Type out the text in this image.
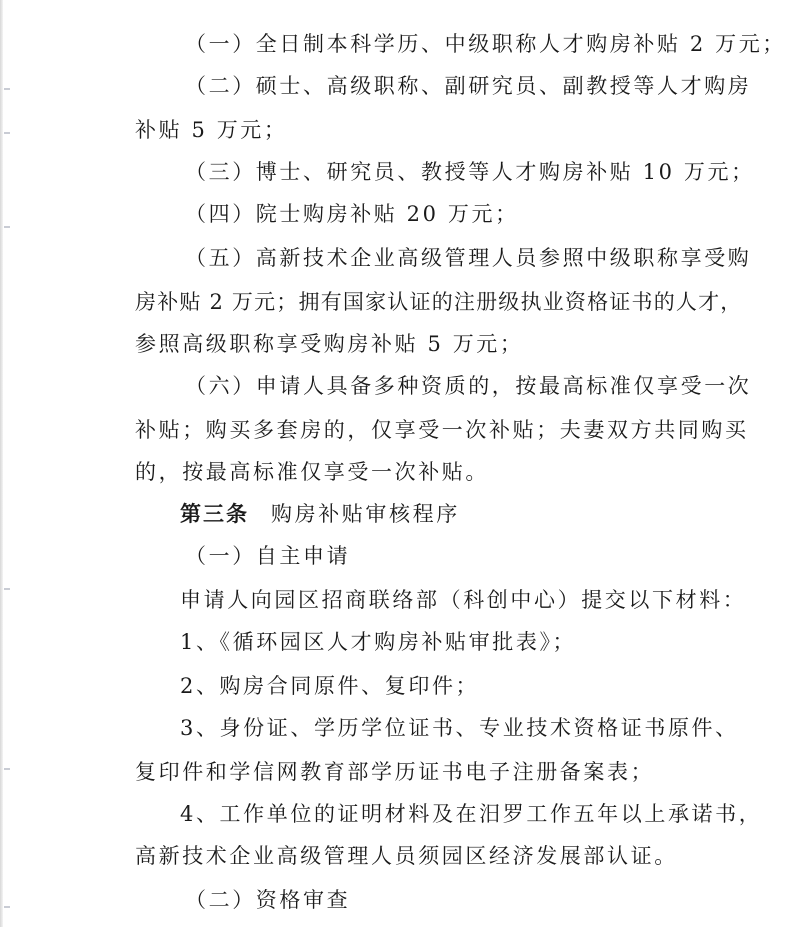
（一）全日制本科学历、中级职称人才购房补贴 2 万元；
（二）硕士、高级职称、副研究员、副教授等人才购房
补贴 5 万元；
（三）博士、研究员、教授等人才购房补贴 10 万元；
（四）院士购房补贴 20 万元；
（五）高新技术企业高级管理人员参照中级职称享受购
房补贴 2 万元；拥有国家认证的注册级执业资格证书的人才，
参照高级职称享受购房补贴 5 万元；
（六）申请人具备多种资质的，按最高标准仅享受一次
补贴；购买多套房的，仅享受一次补贴；夫妻双方共同购买
的，按最高标准仅享受一次补贴。
第三条 购房补贴审核程序
（一）自主申请
申请人向园区招商联络部（科创中心）提交以下材料：
1、《循环园区人才购房补贴审批表》；
2、购房合同原件、复印件；
3、身份证、学历学位证书、专业技术资格证书原件、
复印件和学信网教育部学历证书电子注册备案表；
4、工作单位的证明材料及在汨罗工作五年以上承诺书，
高新技术企业高级管理人员须园区经济发展部认证。
（二）资格审查
